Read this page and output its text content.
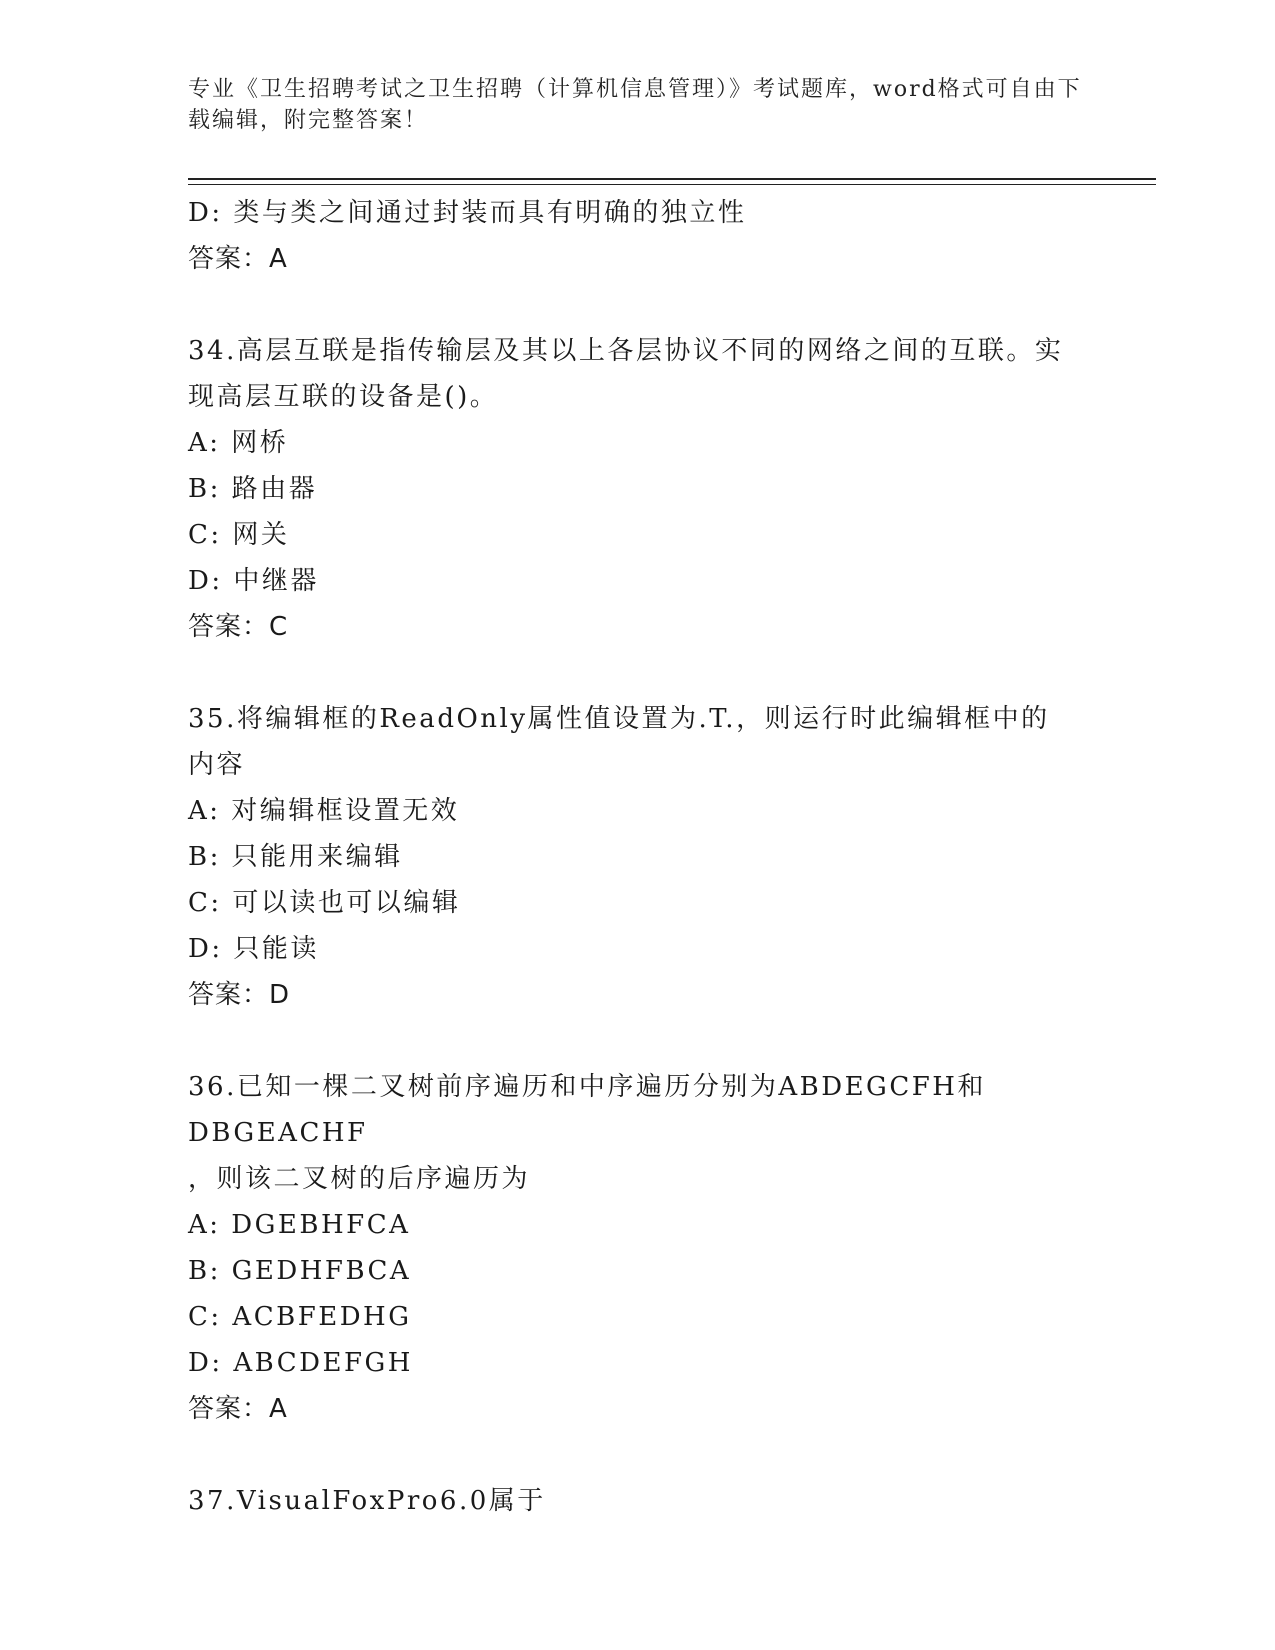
专业《卫生招聘考试之卫生招聘（计算机信息管理）》考试题库，word格式可自由下载编辑，附完整答案！
D: 类与类之间通过封装而具有明确的独立性
答案：A
34.高层互联是指传输层及其以上各层协议不同的网络之间的互联。实现高层互联的设备是()。
A: 网桥
B: 路由器
C: 网关
D: 中继器
答案：C
35.将编辑框的ReadOnly属性值设置为.T.，则运行时此编辑框中的内容
A: 对编辑框设置无效
B: 只能用来编辑
C: 可以读也可以编辑
D: 只能读
答案：D
36.已知一棵二叉树前序遍历和中序遍历分别为ABDEGCFH和DBGEACHF
，则该二叉树的后序遍历为
A: DGEBHFCA
B: GEDHFBCA
C: ACBFEDHG
D: ABCDEFGH
答案：A
37.VisualFoxPro6.0属于
